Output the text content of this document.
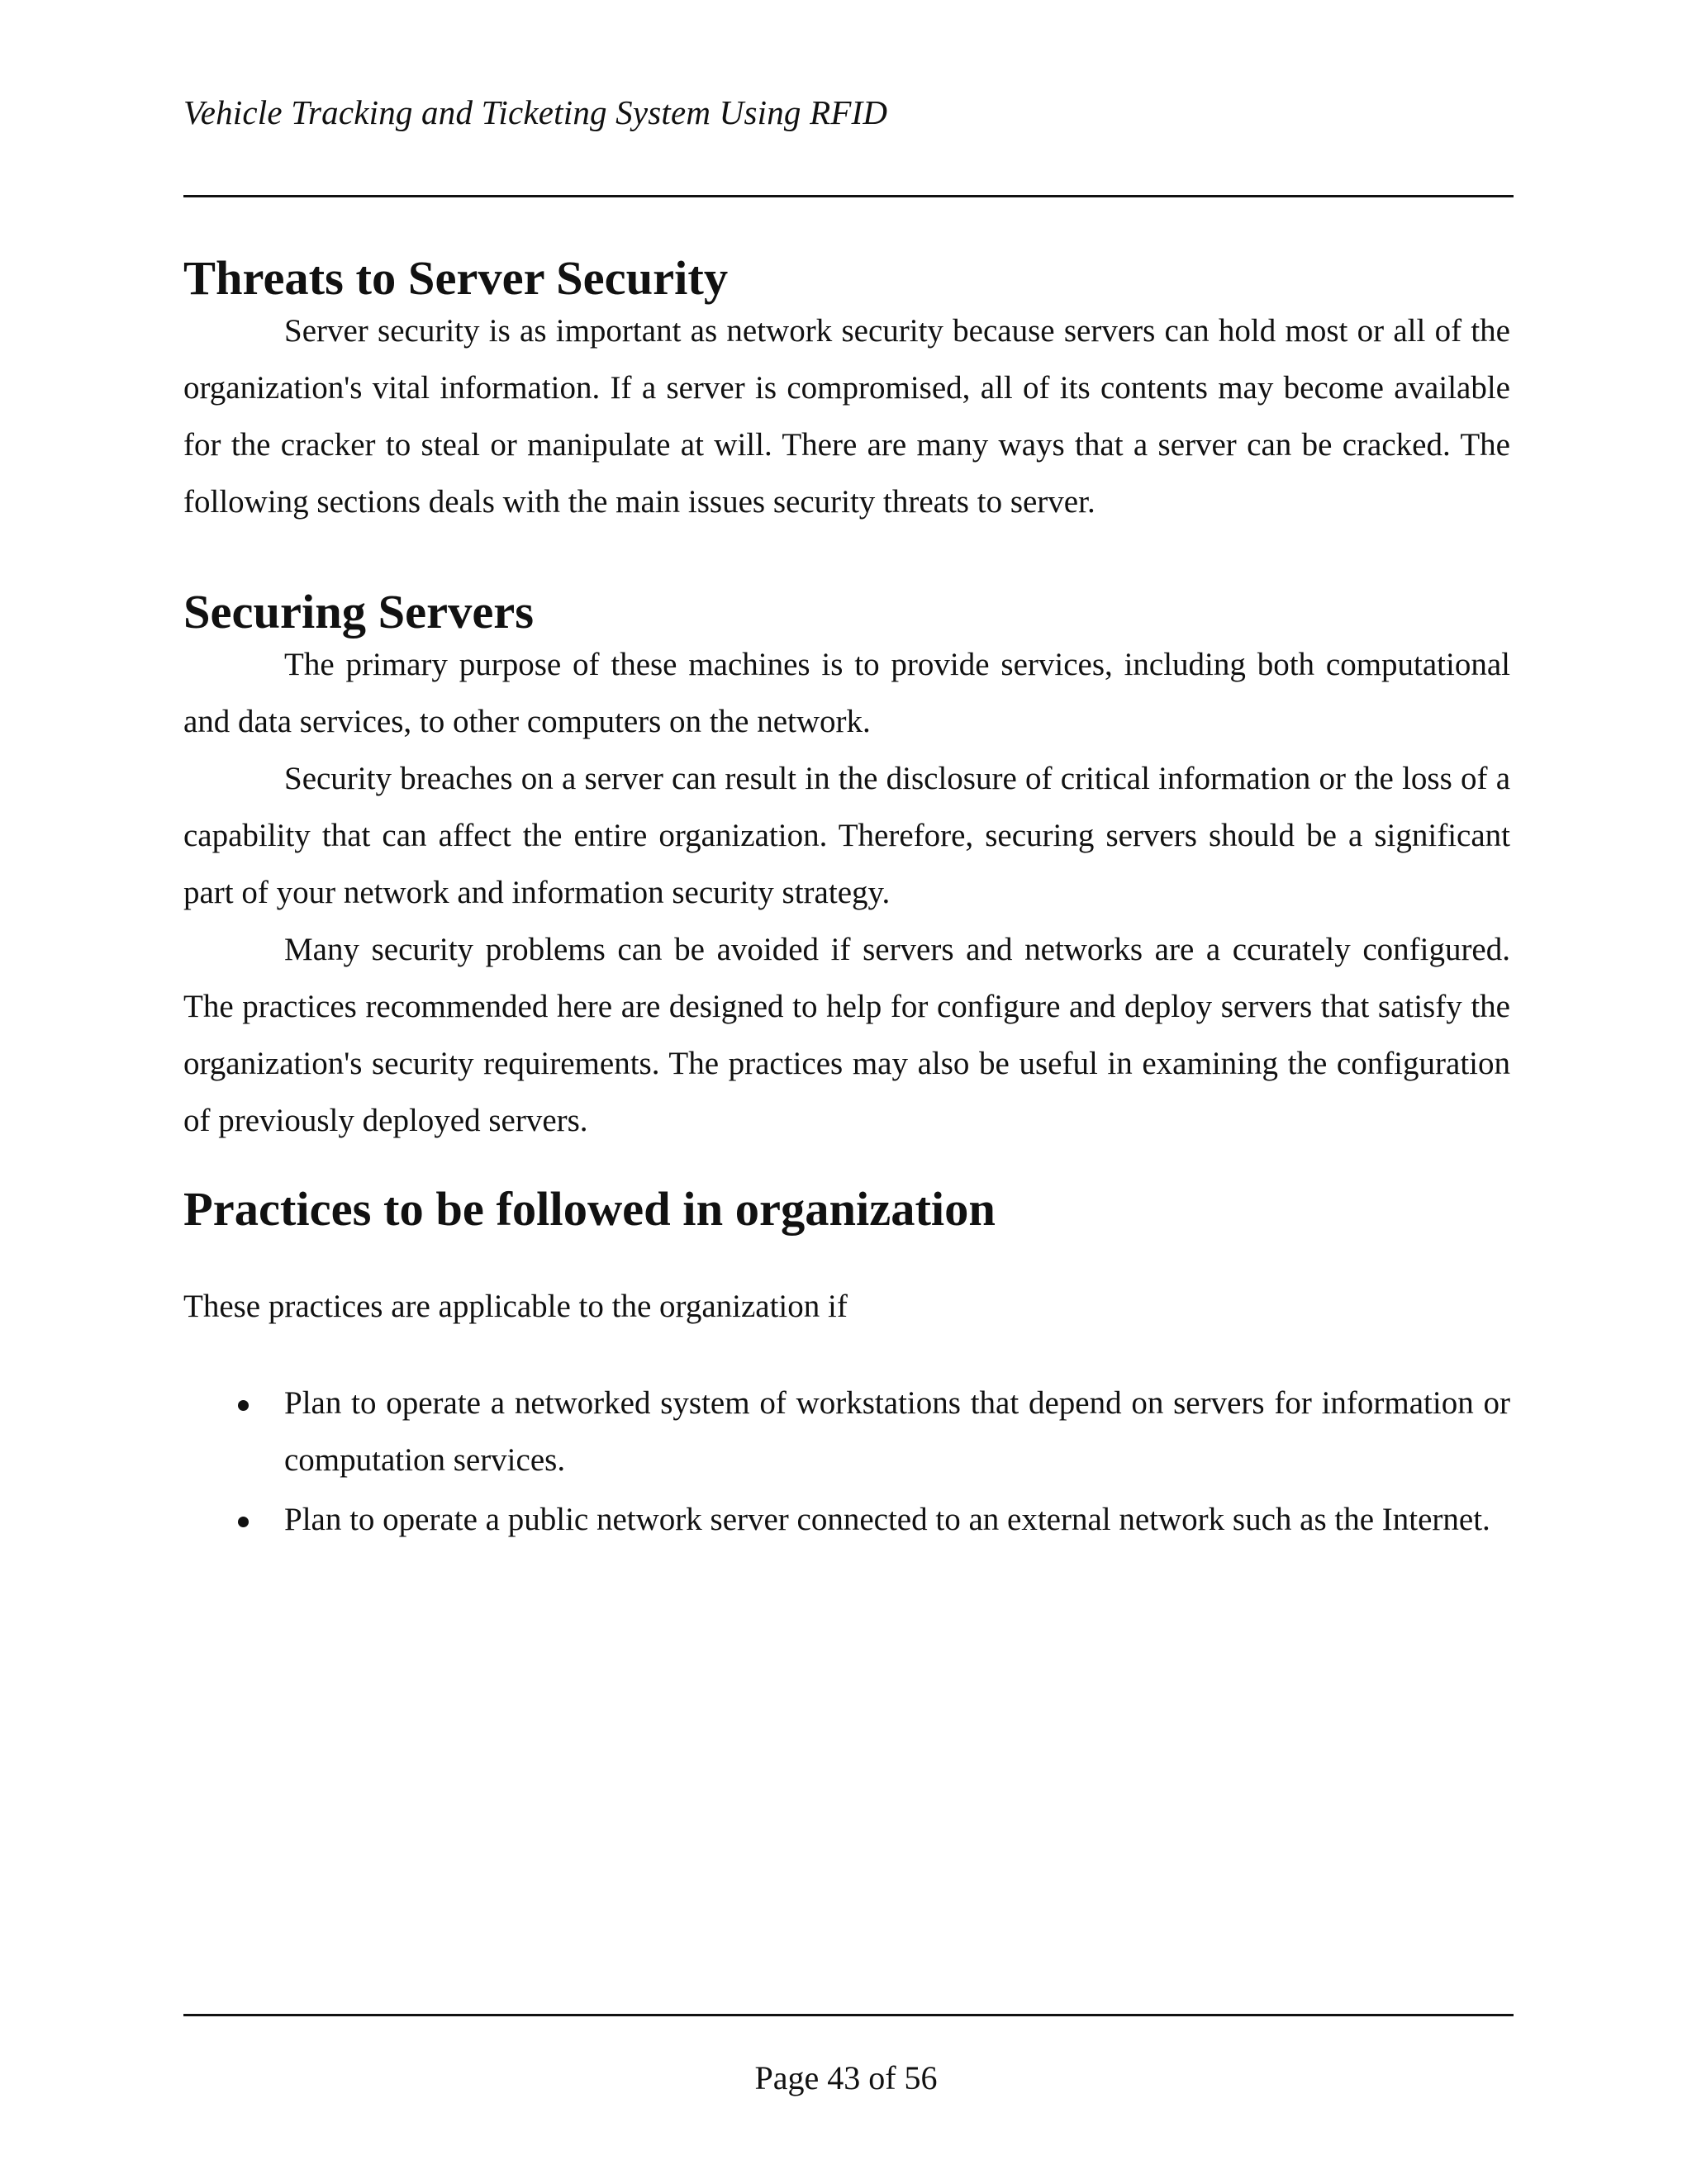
Vehicle Tracking and Ticketing System Using RFID
Threats to Server Security

Server security is as important as network security because servers can hold most or all of the organization's vital information. If a server is compromised, all of its contents may become available for the cracker to steal or manipulate at will. There are many ways that a server can be cracked. The following sections deals with the main issues security threats to server.

Securing Servers

The primary purpose of these machines is to provide services, including both computational and data services, to other computers on the network.

Security breaches on a server can result in the disclosure of critical information or the loss of a capability that can affect the entire organization. Therefore, securing servers should be a significant part of your network and information security strategy.

Many security problems can be avoided if servers and networks are a ccurately configured. The practices recommended here are designed to help for configure and deploy servers that satisfy the organization's security requirements. The practices may also be useful in examining the configuration of previously deployed servers.

Practices to be followed in organization

These practices are applicable to the organization if

Plan to operate a networked system of workstations that depend on servers for information or computation services.
Plan to operate a public network server connected to an external network such as the Internet.
Page 43 of 56
